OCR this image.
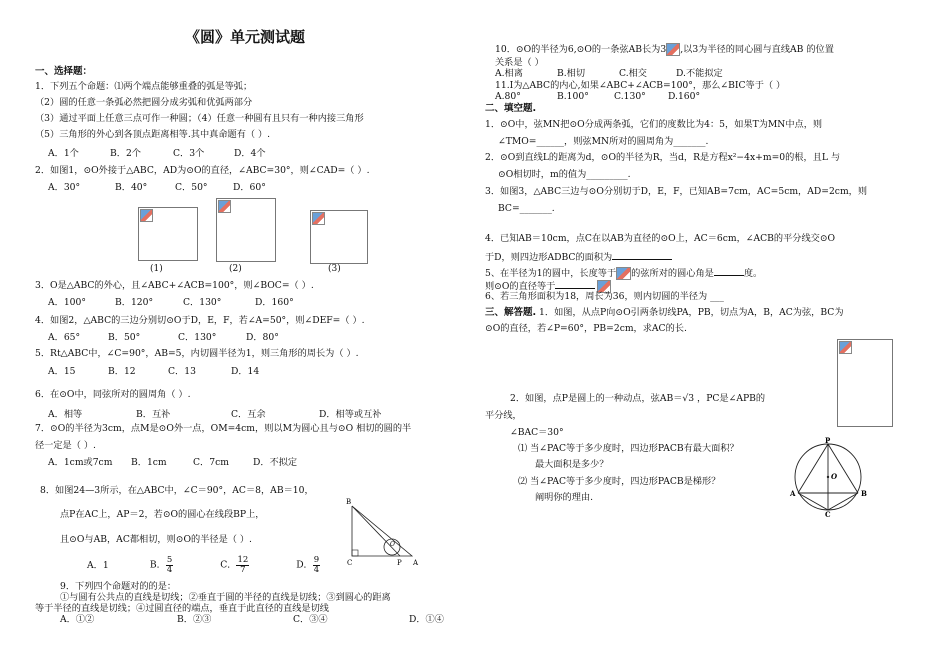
《圆》单元测试题
一、选择题：
1．下列五个命题：⑴两个端点能够重叠的弧是等弧；
（2）圆的任意一条弧必然把圆分成劣弧和优弧两部分
（3）通过平面上任意三点可作一种圆；（4）任意一种圆有且只有一种内接三角形
（5）三角形的外心到各顶点距离相等.其中真命题有（ ）.
A．1个	B．2个	C．3个	D．4个
2．如图1，⊙O外接于△ABC，AD为⊙O的直径，∠ABC=30°，则∠CAD=（ ）.
A．30°	B．40°	C．50°	D．60°
(1)	(2)	(3)
3．O是△ABC的外心，且∠ABC+∠ACB=100°，则∠BOC=（ ）.
A．100°	B．120°	C．130°	D．160°
4．如图2，△ABC的三边分别切⊙O于D，E，F，若∠A=50°，则∠DEF=（ ）.
A．65°	B．50°	C．130°	D．80°
5．Rt△ABC中，∠C=90°，AB=5，内切圆半径为1，则三角形的周长为（ ）.
A．15	B．12	C．13	D．14
6．在⊙O中，同弦所对的圆周角（ ）.
A．相等	B．互补	C．互余	D．相等或互补
7．⊙O的半径为3cm，点M是⊙O外一点，OM=4cm，则以M为圆心且与⊙O 相切的圆的半
径一定是（ ）.
A．1cm或7cm B．1cm	C．7cm	D．不拟定
8．如图24—3所示，在△ABC中，∠C＝90°，AC＝8，AB＝10，
点P在AC上，AP＝2，若⊙O的圆心在线段BP上，
且⊙O与AB，AC都相切，则⊙O的半径是（ ）.
A．1	B． $\frac{5}{4}$	C． $\frac{12}{7}$	D． $\frac{9}{4}$
B
C	P A
O
9．下列四个命题对的的是：
①与圆有公共点的直线是切线；②垂直于圆的半径的直线是切线；③到圆心的距离
等于半径的直线是切线；④过圆直径的端点，垂直于此直径的直线是切线
A．①②	B．②③	C．③④	D．①④
10．⊙O的半径为6,⊙O的一条弦AB长为3 ,以3为半径的同心圆与直线AB 的位置
关系是（ ）
A.相离	B.相切	C.相交	D.不能拟定
11.I为△ABC的内心,如果∠ABC+∠ACB=100°，那么∠BIC等于（ ）
A.80°	B.100°	C.130° D.160°
二、填空题.
1．⊙O中，弦MN把⊙O分成两条弧，它们的度数比为4：5，如果T为MN中点，则
∠TMO=______，则弦MN所对的圆周角为_______.
2．⊙O到直线L的距离为d，⊙O的半径为R，当d，R是方程x²−4x+m=0的根，且L 与
⊙O相切时，m的值为_________.
3．如图3，△ABC三边与⊙O分别切于D，E，F，已知AB=7cm，AC=5cm，AD=2cm，则
BC=_______.
4．已知AB＝10cm，点C在以AB为直径的⊙O上，AC＝6cm，∠ACB的平分线交⊙O
于D，则四边形ADBC的面积为
5、在半径为1的圆中，长度等于 的弦所对的圆心角是	度。
则⊙O的直径等于
6、若三角形面积为18，周长为36，则内切圆的半径为 ___
三、解答题. 1．如图，从点P向⊙O引两条切线PA，PB，切点为A，B，AC为弦，BC为
⊙O的直径，若∠P=60°，PB=2cm，求AC的长.
2．如图，点P是圆上的一种动点，弦AB＝√3 ，PC是∠APB的
平分线，
∠BAC＝30°
⑴ 当∠PAC等于多少度时，四边形PACB有最大面积？
最大面积是多少？
⑵ 当∠PAC等于多少度时，四边形PACB是梯形？
阐明你的理由.
P
O
A	B
C
